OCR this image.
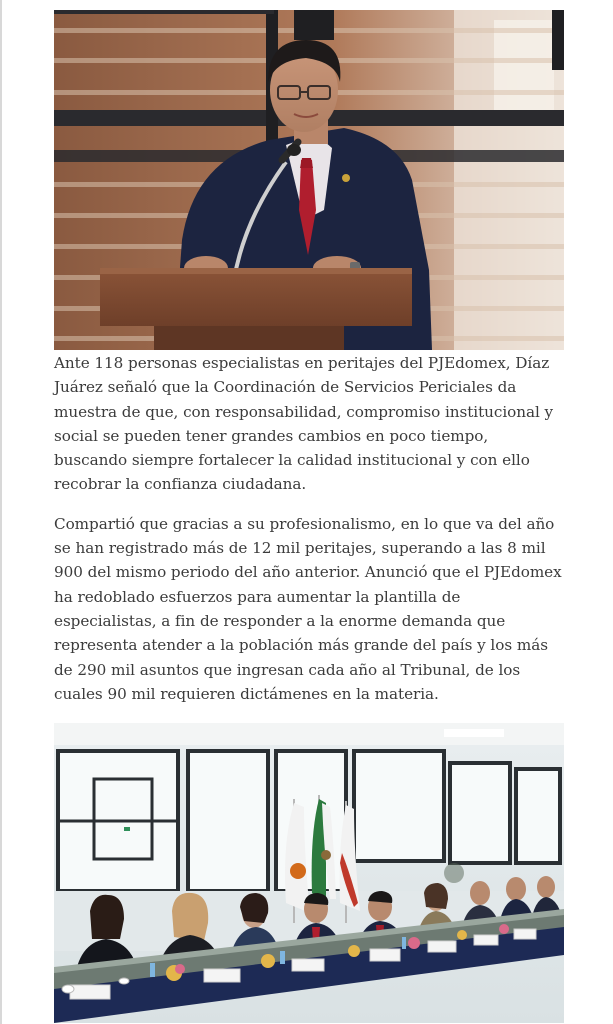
Ante 118 personas especialistas en peritajes del PJEdomex, Díaz Juárez señaló que la Coordinación de Servicios Periciales da muestra de que, con responsabilidad, compromiso institucional y social se pueden tener grandes cambios en poco tiempo, buscando siempre fortalecer la calidad institucional y con ello recobrar la confianza ciudadana.

Compartió que gracias a su profesionalismo, en lo que va del año se han registrado más de 12 mil peritajes, superando a las 8 mil 900 del mismo periodo del año anterior. Anunció que el PJEdomex ha redoblado esfuerzos para aumentar la plantilla de especialistas, a fin de responder a la enorme demanda que representa atender a la población más grande del país y los más de 290 mil asuntos que ingresan cada año al Tribunal, de los cuales 90 mil requieren dictámenes en la materia.
